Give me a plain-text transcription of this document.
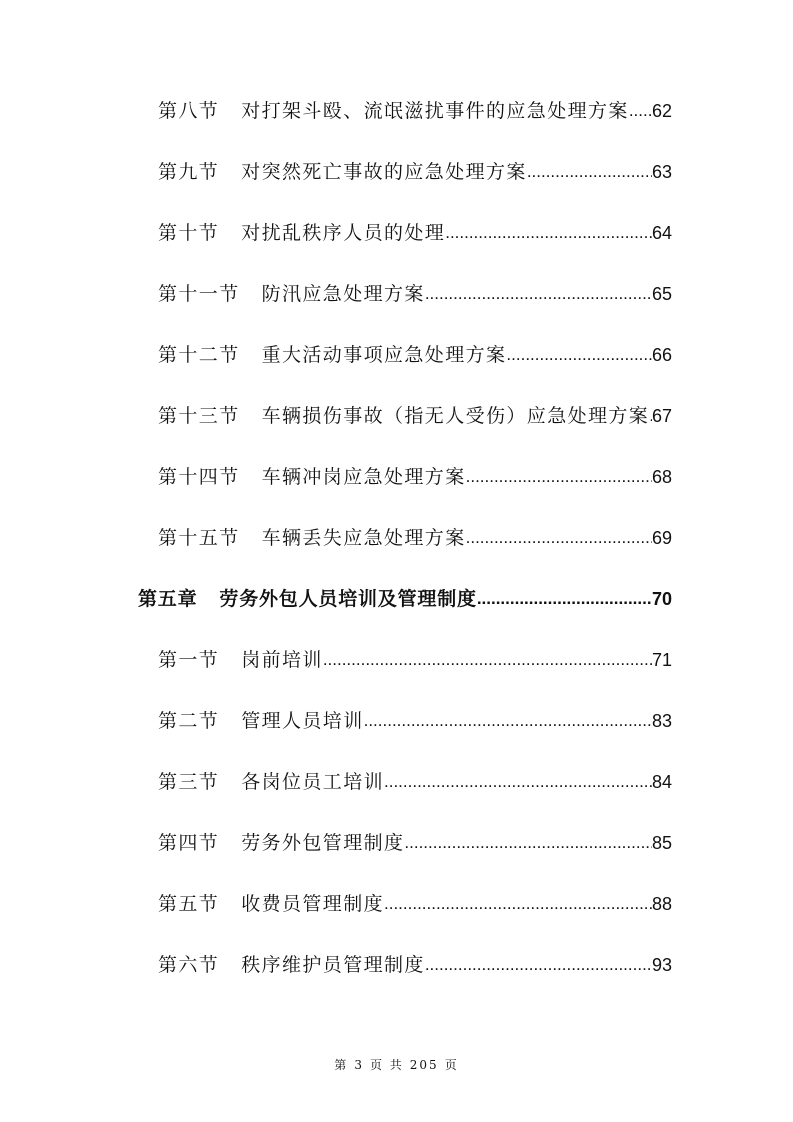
第八节 对打架斗殴、流氓滋扰事件的应急处理方案 ..... 62
第九节 对突然死亡事故的应急处理方案 .....	63
第十节 对扰乱秩序人员的处理 .....	64
第十一节 防汛应急处理方案 .....	65
第十二节 重大活动事项应急处理方案 .....	66
第十三节 车辆损伤事故（指无人受伤）应急处理方案 ..... 67
第十四节 车辆冲岗应急处理方案 .....	68
第十五节 车辆丢失应急处理方案 .....	69
第五章 劳务外包人员培训及管理制度 .....	70
第一节 岗前培训 .....	71
第二节 管理人员培训 .....	83
第三节 各岗位员工培训 .....	84
第四节 劳务外包管理制度 .....	85
第五节 收费员管理制度 .....	88
第六节 秩序维护员管理制度 .....	93
第 3 页 共 205 页
